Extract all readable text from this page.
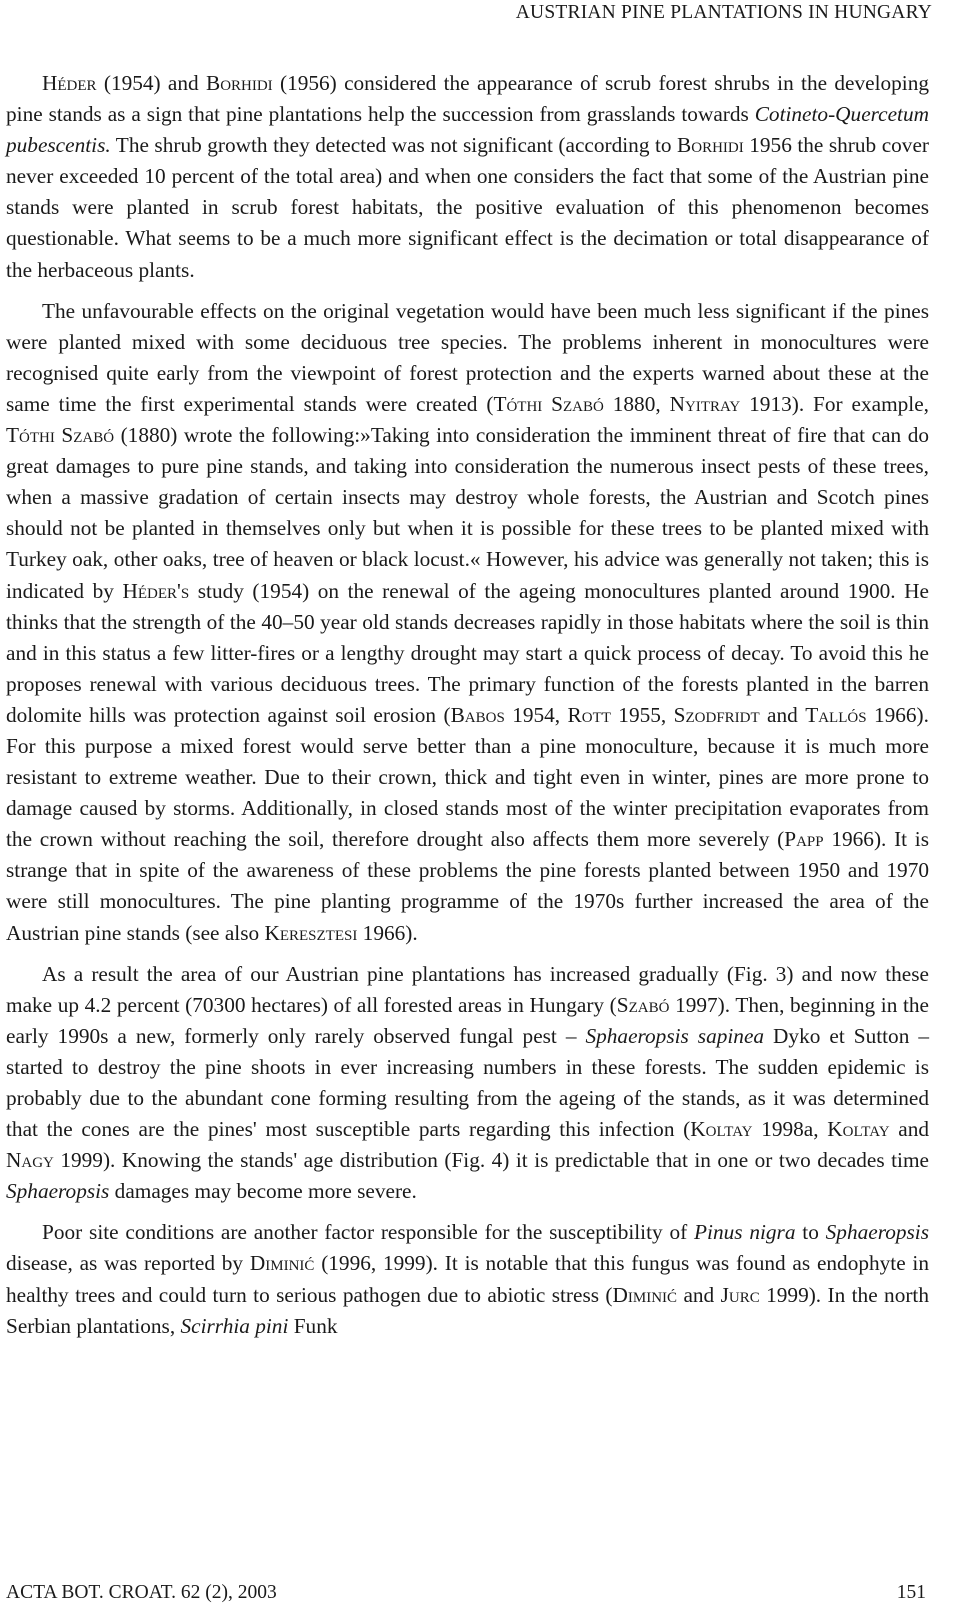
AUSTRIAN PINE PLANTATIONS IN HUNGARY

Héder (1954) and Borhidi (1956) considered the appearance of scrub forest shrubs in the developing pine stands as a sign that pine plantations help the succession from grasslands towards Cotineto-Quercetum pubescentis. The shrub growth they detected was not significant (according to Borhidi 1956 the shrub cover never exceeded 10 percent of the total area) and when one considers the fact that some of the Austrian pine stands were planted in scrub forest habitats, the positive evaluation of this phenomenon becomes questionable. What seems to be a much more significant effect is the decimation or total disappearance of the herbaceous plants.

The unfavourable effects on the original vegetation would have been much less significant if the pines were planted mixed with some deciduous tree species. The problems inherent in monocultures were recognised quite early from the viewpoint of forest protection and the experts warned about these at the same time the first experimental stands were created (Tóthi Szabó 1880, Nyitray 1913). For example, Tóthi Szabó (1880) wrote the following:»Taking into consideration the imminent threat of fire that can do great damages to pure pine stands, and taking into consideration the numerous insect pests of these trees, when a massive gradation of certain insects may destroy whole forests, the Austrian and Scotch pines should not be planted in themselves only but when it is possible for these trees to be planted mixed with Turkey oak, other oaks, tree of heaven or black locust.« However, his advice was generally not taken; this is indicated by Héder's study (1954) on the renewal of the ageing monocultures planted around 1900. He thinks that the strength of the 40–50 year old stands decreases rapidly in those habitats where the soil is thin and in this status a few litter-fires or a lengthy drought may start a quick process of decay. To avoid this he proposes renewal with various deciduous trees. The primary function of the forests planted in the barren dolomite hills was protection against soil erosion (Babos 1954, Rott 1955, Szodfridt and Tallós 1966). For this purpose a mixed forest would serve better than a pine monoculture, because it is much more resistant to extreme weather. Due to their crown, thick and tight even in winter, pines are more prone to damage caused by storms. Additionally, in closed stands most of the winter precipitation evaporates from the crown without reaching the soil, therefore drought also affects them more severely (Papp 1966). It is strange that in spite of the awareness of these problems the pine forests planted between 1950 and 1970 were still monocultures. The pine planting programme of the 1970s further increased the area of the Austrian pine stands (see also Keresztesi 1966).

As a result the area of our Austrian pine plantations has increased gradually (Fig. 3) and now these make up 4.2 percent (70300 hectares) of all forested areas in Hungary (Szabó 1997). Then, beginning in the early 1990s a new, formerly only rarely observed fungal pest – Sphaeropsis sapinea Dyko et Sutton – started to destroy the pine shoots in ever increasing numbers in these forests. The sudden epidemic is probably due to the abundant cone forming resulting from the ageing of the stands, as it was determined that the cones are the pines' most susceptible parts regarding this infection (Koltay 1998a, Koltay and Nagy 1999). Knowing the stands' age distribution (Fig. 4) it is predictable that in one or two decades time Sphaeropsis damages may become more severe.

Poor site conditions are another factor responsible for the susceptibility of Pinus nigra to Sphaeropsis disease, as was reported by Diminić (1996, 1999). It is notable that this fungus was found as endophyte in healthy trees and could turn to serious pathogen due to abiotic stress (Diminić and Jurc 1999). In the north Serbian plantations, Scirrhia pini Funk

ACTA BOT. CROAT. 62 (2), 2003	151
